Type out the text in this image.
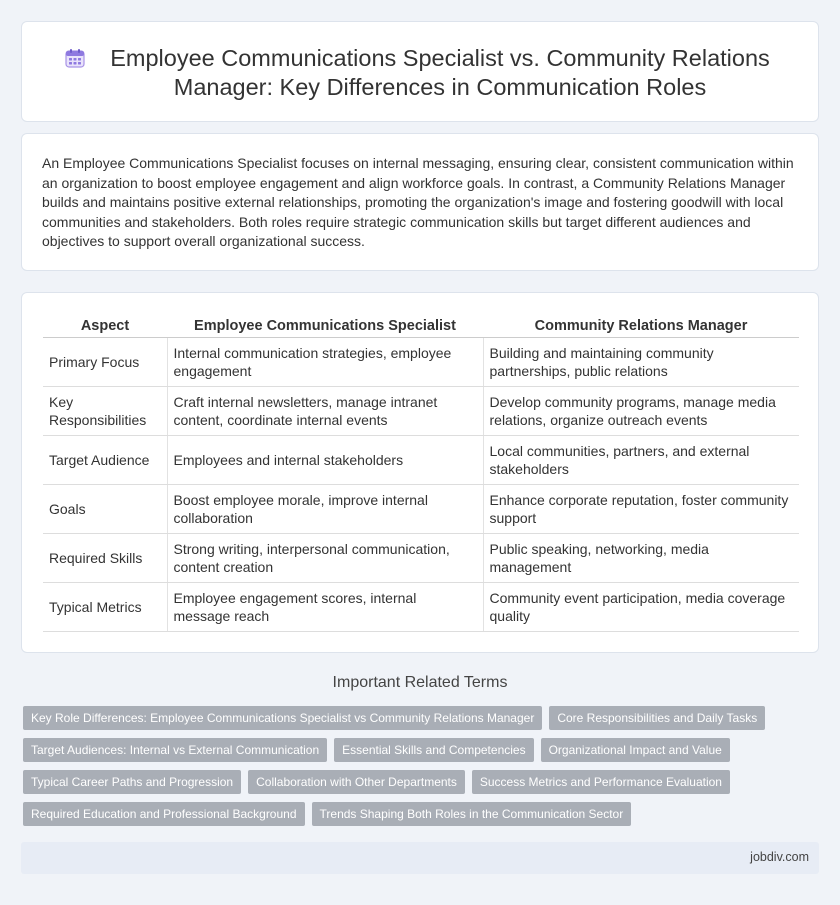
Employee Communications Specialist vs. Community Relations Manager: Key Differences in Communication Roles

An Employee Communications Specialist focuses on internal messaging, ensuring clear, consistent communication within an organization to boost employee engagement and align workforce goals. In contrast, a Community Relations Manager builds and maintains positive external relationships, promoting the organization's image and fostering goodwill with local communities and stakeholders. Both roles require strategic communication skills but target different audiences and objectives to support overall organizational success.

Aspect	Employee Communications Specialist	Community Relations Manager
Primary Focus	Internal communication strategies, employee engagement	Building and maintaining community partnerships, public relations
Key Responsibilities	Craft internal newsletters, manage intranet content, coordinate internal events	Develop community programs, manage media relations, organize outreach events
Target Audience	Employees and internal stakeholders	Local communities, partners, and external stakeholders
Goals	Boost employee morale, improve internal collaboration	Enhance corporate reputation, foster community support
Required Skills	Strong writing, interpersonal communication, content creation	Public speaking, networking, media management
Typical Metrics	Employee engagement scores, internal message reach	Community event participation, media coverage quality
Important Related Terms
Key Role Differences: Employee Communications Specialist vs Community Relations Manager	Core Responsibilities and Daily Tasks
Target Audiences: Internal vs External Communication	Essential Skills and Competencies	Organizational Impact and Value
Typical Career Paths and Progression	Collaboration with Other Departments	Success Metrics and Performance Evaluation
Required Education and Professional Background	Trends Shaping Both Roles in the Communication Sector
jobdiv.com
